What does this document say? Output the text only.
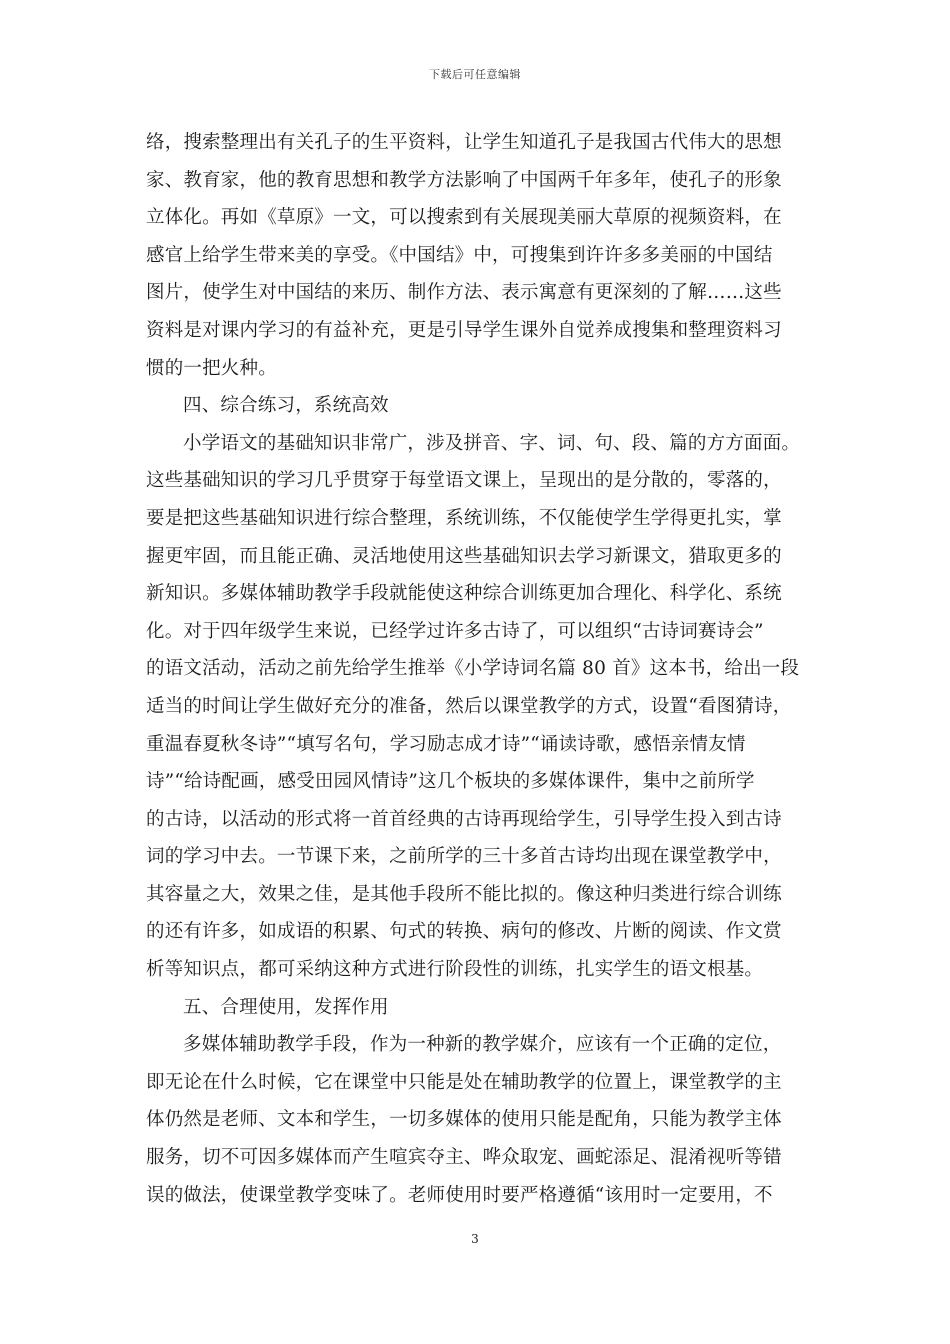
下载后可任意编辑
络，搜索整理出有关孔子的生平资料，让学生知道孔子是我国古代伟大的思想
家、教育家，他的教育思想和教学方法影响了中国两千年多年，使孔子的形象
立体化。再如《草原》一文，可以搜索到有关展现美丽大草原的视频资料，在
感官上给学生带来美的享受。《中国结》中，可搜集到许许多多美丽的中国结
图片，使学生对中国结的来历、制作方法、表示寓意有更深刻的了解……这些
资料是对课内学习的有益补充，更是引导学生课外自觉养成搜集和整理资料习
惯的一把火种。
四、综合练习，系统高效
小学语文的基础知识非常广，涉及拼音、字、词、句、段、篇的方方面面。
这些基础知识的学习几乎贯穿于每堂语文课上，呈现出的是分散的，零落的，
要是把这些基础知识进行综合整理，系统训练，不仅能使学生学得更扎实，掌
握更牢固，而且能正确、灵活地使用这些基础知识去学习新课文，猎取更多的
新知识。多媒体辅助教学手段就能使这种综合训练更加合理化、科学化、系统
化。对于四年级学生来说，已经学过许多古诗了，可以组织“古诗词赛诗会”
的语文活动，活动之前先给学生推举《小学诗词名篇 80 首》这本书，给出一段
适当的时间让学生做好充分的准备，然后以课堂教学的方式，设置“看图猜诗，
重温春夏秋冬诗”“填写名句，学习励志成才诗”“诵读诗歌，感悟亲情友情
诗”“给诗配画，感受田园风情诗”这几个板块的多媒体课件，集中之前所学
的古诗，以活动的形式将一首首经典的古诗再现给学生，引导学生投入到古诗
词的学习中去。一节课下来，之前所学的三十多首古诗均出现在课堂教学中，
其容量之大，效果之佳，是其他手段所不能比拟的。像这种归类进行综合训练
的还有许多，如成语的积累、句式的转换、病句的修改、片断的阅读、作文赏
析等知识点，都可采纳这种方式进行阶段性的训练，扎实学生的语文根基。
五、合理使用，发挥作用
多媒体辅助教学手段，作为一种新的教学媒介，应该有一个正确的定位，
即无论在什么时候，它在课堂中只能是处在辅助教学的位置上，课堂教学的主
体仍然是老师、文本和学生，一切多媒体的使用只能是配角，只能为教学主体
服务，切不可因多媒体而产生喧宾夺主、哗众取宠、画蛇添足、混淆视听等错
误的做法，使课堂教学变味了。老师使用时要严格遵循“该用时一定要用，不
3
